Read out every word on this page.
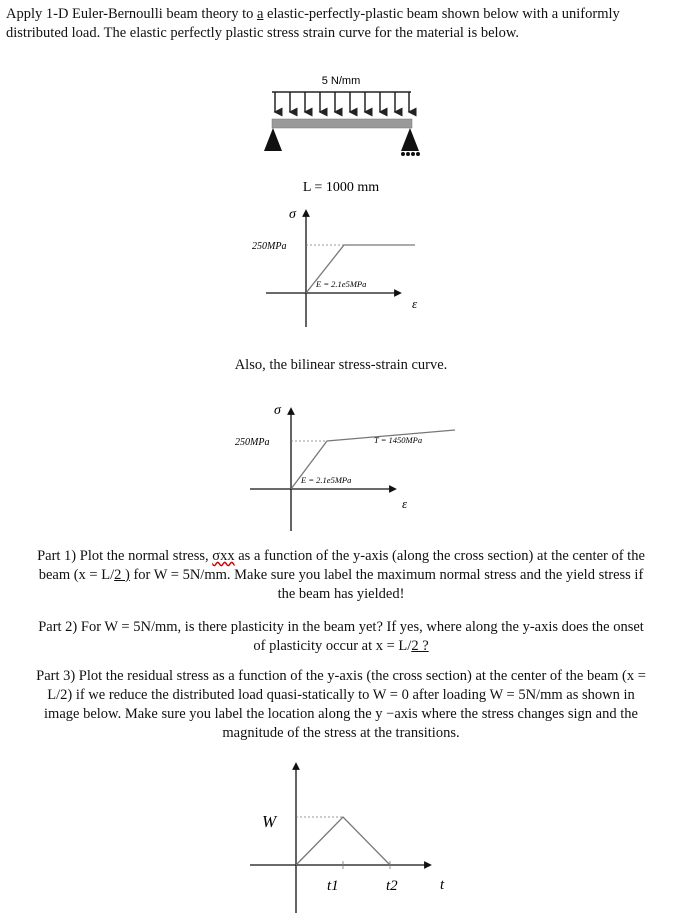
Apply 1-D Euler-Bernoulli beam theory to a elastic-perfectly-plastic beam shown below with a uniformly
distributed load. The elastic perfectly plastic stress strain curve for the material is below.
5 N/mm
L = 1000 mm
σ
ε
250MPa
E = 2.1e5MPa
σ
ε
250MPa
E = 2.1e5MPa
T = 1450MPa
W
t1	t2	t
Also, the bilinear stress-strain curve.
Part 1) Plot the normal stress, σxx as a function of the y-axis (along the cross section) at the center of the
beam (x = L/2 ) for W = 5N/mm. Make sure you label the maximum normal stress and the yield stress if
the beam has yielded!
Part 2) For W = 5N/mm, is there plasticity in the beam yet? If yes, where along the y-axis does the onset
of plasticity occur at x = L/2 ?
Part 3) Plot the residual stress as a function of the y-axis (the cross section) at the center of the beam (x =
L/2) if we reduce the distributed load quasi-statically to W = 0 after loading W = 5N/mm as shown in
image below. Make sure you label the location along the y −axis where the stress changes sign and the
magnitude of the stress at the transitions.
